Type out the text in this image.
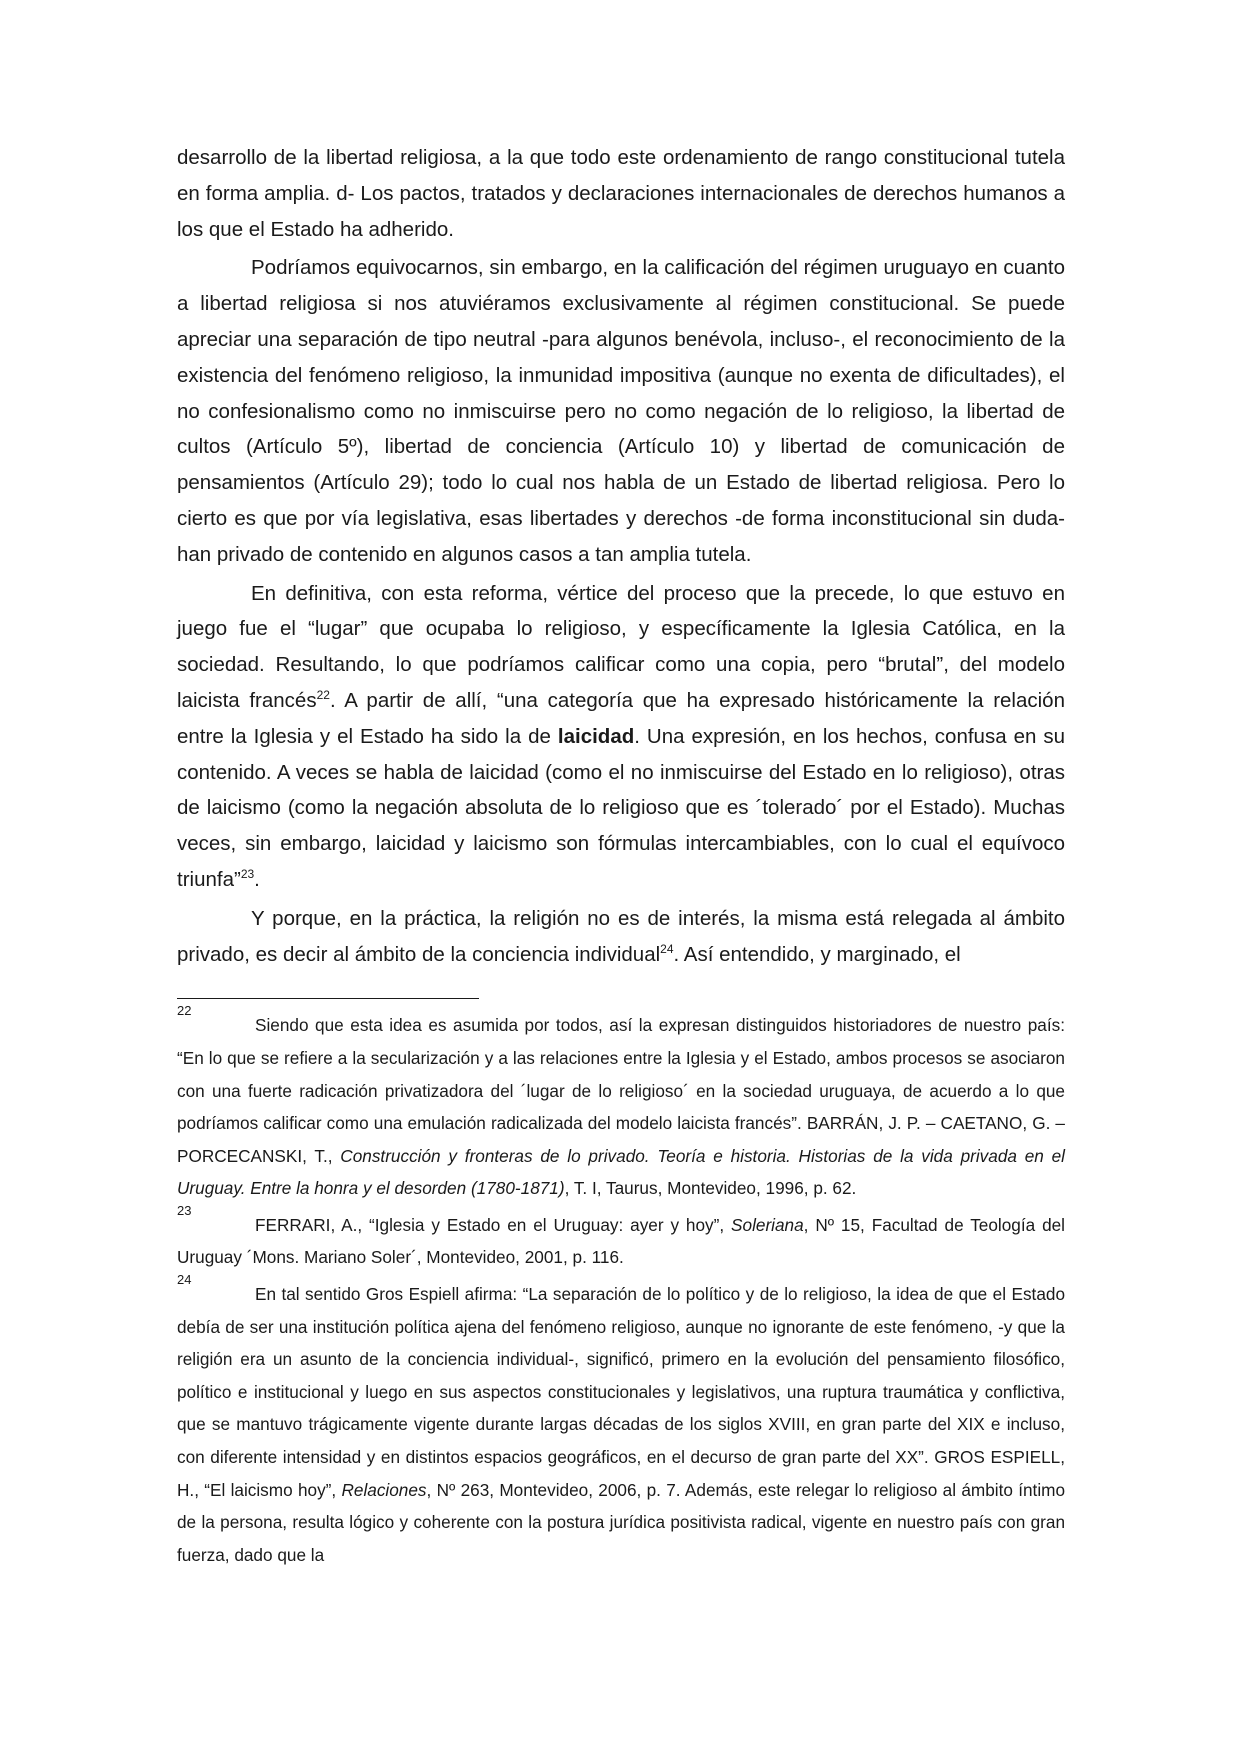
desarrollo de la libertad religiosa, a la que todo este ordenamiento de rango constitucional tutela en forma amplia. d- Los pactos, tratados y declaraciones internacionales de derechos humanos a los que el Estado ha adherido.

Podríamos equivocarnos, sin embargo, en la calificación del régimen uruguayo en cuanto a libertad religiosa si nos atuviéramos exclusivamente al régimen constitucional. Se puede apreciar una separación de tipo neutral -para algunos benévola, incluso-, el reconocimiento de la existencia del fenómeno religioso, la inmunidad impositiva (aunque no exenta de dificultades), el no confesionalismo como no inmiscuirse pero no como negación de lo religioso, la libertad de cultos (Artículo 5º), libertad de conciencia (Artículo 10) y libertad de comunicación de pensamientos (Artículo 29); todo lo cual nos habla de un Estado de libertad religiosa. Pero lo cierto es que por vía legislativa, esas libertades y derechos -de forma inconstitucional sin duda- han privado de contenido en algunos casos a tan amplia tutela.

En definitiva, con esta reforma, vértice del proceso que la precede, lo que estuvo en juego fue el “lugar” que ocupaba lo religioso, y específicamente la Iglesia Católica, en la sociedad. Resultando, lo que podríamos calificar como una copia, pero “brutal”, del modelo laicista francés$^{22}$. A partir de allí, “una categoría que ha expresado históricamente la relación entre la Iglesia y el Estado ha sido la de laicidad. Una expresión, en los hechos, confusa en su contenido. A veces se habla de laicidad (como el no inmiscuirse del Estado en lo religioso), otras de laicismo (como la negación absoluta de lo religioso que es ´tolerado´ por el Estado). Muchas veces, sin embargo, laicidad y laicismo son fórmulas intercambiables, con lo cual el equívoco triunfa”$^{23}$.

Y porque, en la práctica, la religión no es de interés, la misma está relegada al ámbito privado, es decir al ámbito de la conciencia individual$^{24}$. Así entendido, y marginado, el

22
Siendo que esta idea es asumida por todos, así la expresan distinguidos historiadores de nuestro país: “En lo que se refiere a la secularización y a las relaciones entre la Iglesia y el Estado, ambos procesos se asociaron con una fuerte radicación privatizadora del ´lugar de lo religioso´ en la sociedad uruguaya, de acuerdo a lo que podríamos calificar como una emulación radicalizada del modelo laicista francés”. BARRÁN, J. P. – CAETANO, G. – PORCECANSKI, T., Construcción y fronteras de lo privado. Teoría e historia. Historias de la vida privada en el Uruguay. Entre la honra y el desorden (1780-1871), T. I, Taurus, Montevideo, 1996, p. 62.

23
FERRARI, A., “Iglesia y Estado en el Uruguay: ayer y hoy”, Soleriana, Nº 15, Facultad de Teología del Uruguay ´Mons. Mariano Soler´, Montevideo, 2001, p. 116.

24
En tal sentido Gros Espiell afirma: “La separación de lo político y de lo religioso, la idea de que el Estado debía de ser una institución política ajena del fenómeno religioso, aunque no ignorante de este fenómeno, -y que la religión era un asunto de la conciencia individual-, significó, primero en la evolución del pensamiento filosófico, político e institucional y luego en sus aspectos constitucionales y legislativos, una ruptura traumática y conflictiva, que se mantuvo trágicamente vigente durante largas décadas de los siglos XVIII, en gran parte del XIX e incluso, con diferente intensidad y en distintos espacios geográficos, en el decurso de gran parte del XX”. GROS ESPIELL, H., “El laicismo hoy”, Relaciones, Nº 263, Montevideo, 2006, p. 7. Además, este relegar lo religioso al ámbito íntimo de la persona, resulta lógico y coherente con la postura jurídica positivista radical, vigente en nuestro país con gran fuerza, dado que la
